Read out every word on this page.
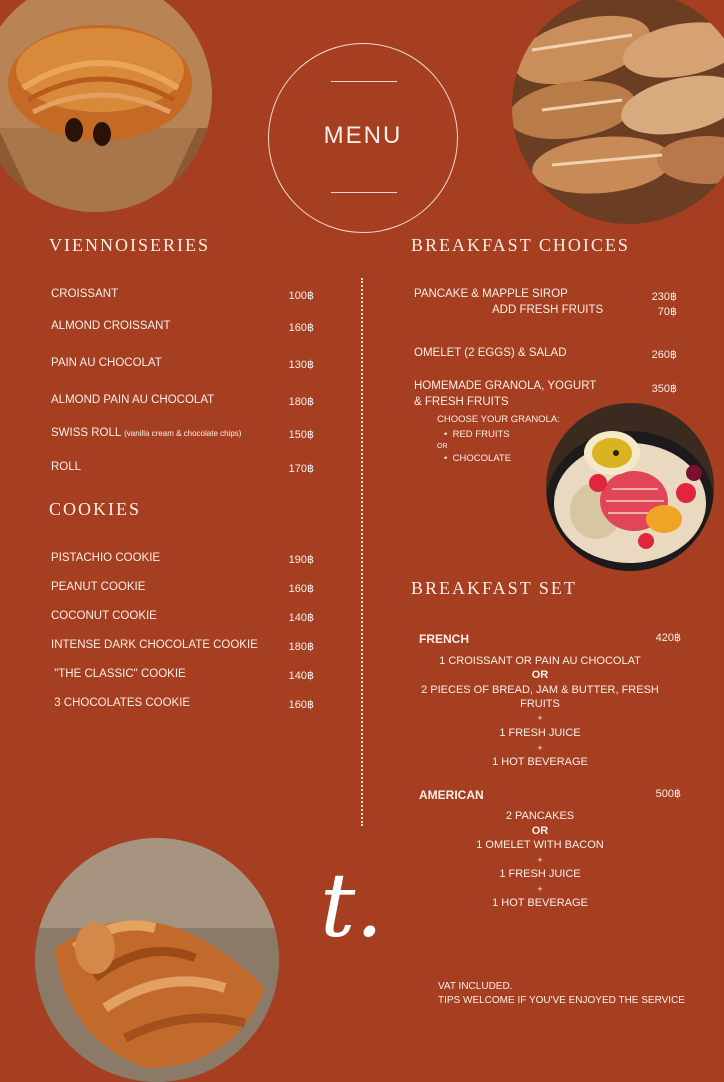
MENU
VIENNOISERIES
CROISSANT	100฿
ALMOND CROISSANT	160฿
PAIN AU CHOCOLAT	130฿
ALMOND PAIN AU CHOCOLAT	180฿
SWISS ROLL (vanilla cream & chocolate chips)	150฿
ROLL	170฿
COOKIES
PISTACHIO COOKIE	190฿
PEANUT COOKIE	160฿
COCONUT COOKIE	140฿
INTENSE DARK CHOCOLATE COOKIE	180฿
"THE CLASSIC" COOKIE	140฿
3 CHOCOLATES COOKIE	160฿
BREAKFAST CHOICES
PANCAKE & MAPPLE SIROP	230฿
ADD FRESH FRUITS	70฿
OMELET (2 EGGS) & SALAD	260฿
HOMEMADE GRANOLA, YOGURT
& FRESH FRUITS
350฿
CHOOSE YOUR GRANOLA:
•  RED FRUITS
OR
•  CHOCOLATE
BREAKFAST SET
FRENCH	420฿
1 CROISSANT OR PAIN AU CHOCOLAT
OR
2 PIECES OF BREAD, JAM & BUTTER, FRESH
FRUITS
+
1 FRESH JUICE
+
1 HOT BEVERAGE
AMERICAN	500฿
2 PANCAKES
OR
1 OMELET WITH BACON
+
1 FRESH JUICE
+
1 HOT BEVERAGE
t.
VAT INCLUDED.
TIPS WELCOME IF YOU'VE ENJOYED THE SERVICE
